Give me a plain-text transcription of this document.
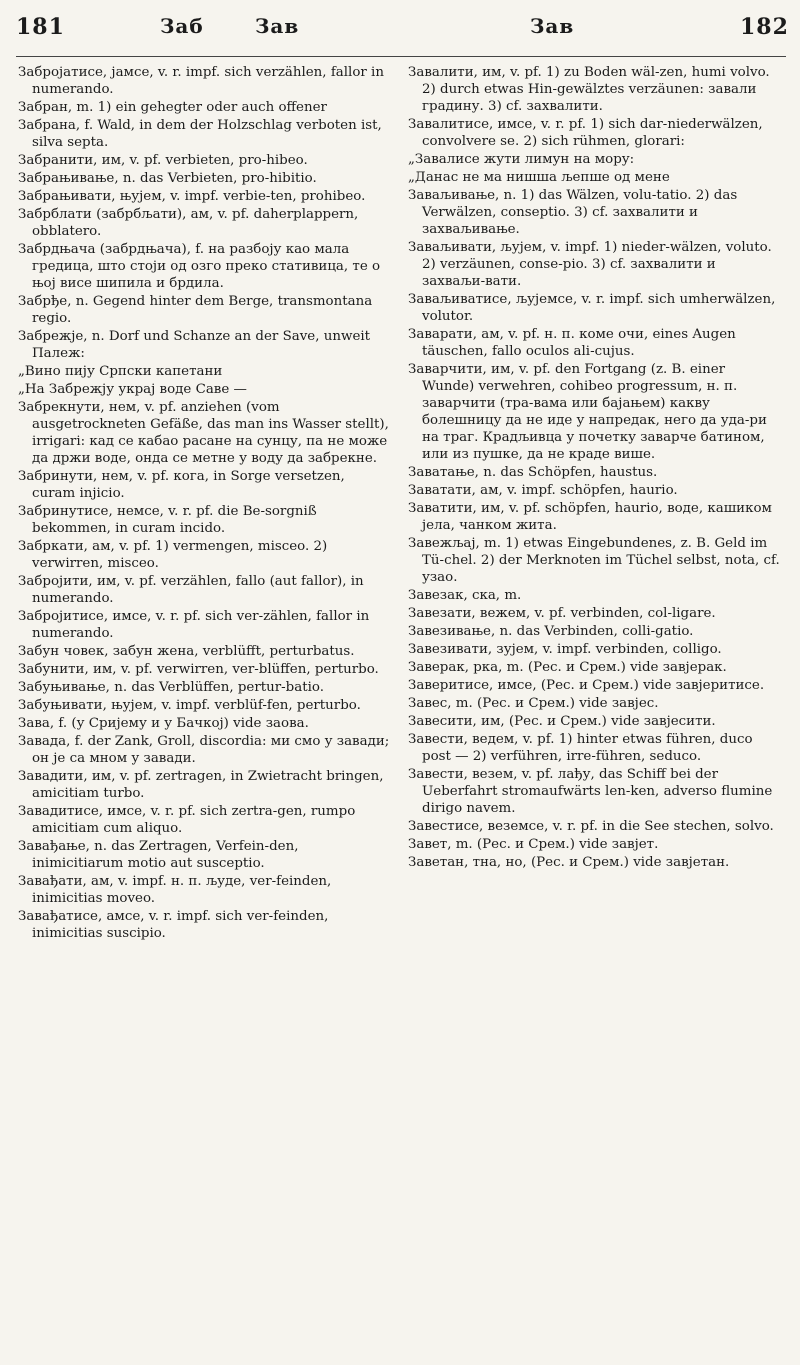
181	Заб	Зав	Зав	182

Забројатисе, јамсе, v. r. impf. sich verzählen, fallor in numerando.

Забран, m. 1) ein gehegter oder auch offener

Забрана, f. Wald, in dem der Holzschlag verboten ist, silva septa.

Забранити, им, v. pf. verbieten, pro-hibeo.

Забрањивање, n. das Verbieten, pro-hibitio.

Забрањивати, њујем, v. impf. verbie-ten, prohibeo.

Забрблати (забрбљати), ам, v. pf. daherplappern, obblatero.

Забрдњача (забрдњача), f. на разбоју као мала гредица, што стоји од озго преко стативица, те о њој висе шипила и брдила.

Забрђе, n. Gegend hinter dem Berge, transmontana regio.

Забрежје, n. Dorf und Schanze an der Save, unweit Палеж:

„Вино пију Српски капетани

„На Забрежју украј воде Саве —

Забрекнути, нем, v. pf. anziehen (vom ausgetrockneten Gefäße, das man ins Wasser stellt), irrigari: кад се кабао расане на сунцу, па не може да држи воде, онда се метне у воду да забрекне.

Забринути, нем, v. pf. кога, in Sorge versetzen, curam injicio.

Забринутисе, немсе, v. r. pf. die Be-sorgniß bekommen, in curam incido.

Забркати, ам, v. pf. 1) vermengen, misceo. 2) verwirren, misceo.

Забројити, им, v. pf. verzählen, fallo (aut fallor), in numerando.

Забројитисе, имсе, v. r. pf. sich ver-zählen, fallor in numerando.

Забун човек, забун жена, verblüfft, perturbatus.

Забунити, им, v. pf. verwirren, ver-blüffen, perturbo.

Забуњивање, n. das Verblüffen, pertur-batio.

Забуњивати, њујем, v. impf. verblüf-fen, perturbo.

Зава, f. (у Сријему и у Бачкој) vide заова.

Завада, f. der Zank, Groll, discordia: ми смо у завади; он је са мном у завади.

Завадити, им, v. pf. zertragen, in Zwietracht bringen, amicitiam turbo.

Завадитисе, имсе, v. r. pf. sich zertra-gen, rumpo amicitiam cum aliquo.

Завађање, n. das Zertragen, Verfein-den, inimicitiarum motio aut susceptio.

Завађати, ам, v. impf. н. п. људе, ver-feinden, inimicitias moveo.

Завађатисе, амсе, v. r. impf. sich ver-feinden, inimicitias suscipio.

Завалити, им, v. pf. 1) zu Boden wäl-zen, humi volvo. 2) durch etwas Hin-gewälztes verzäunen: завали градину. 3) cf. захвалити.

Завалитисе, имсе, v. r. pf. 1) sich dar-niederwälzen, convolvere se. 2) sich rühmen, glorari:

„Завалисе жути лимун на мору:

„Данас не ма нишша љепше од мене

Заваљивање, n. 1) das Wälzen, volu-tatio. 2) das Verwälzen, conseptio. 3) cf. захвалити и захваљивање.

Заваљивати, љујем, v. impf. 1) nieder-wälzen, voluto. 2) verzäunen, conse-pio. 3) cf. захвалити и захваљи-вати.

Заваљиватисе, љујемсе, v. r. impf. sich umherwälzen, volutor.

Заварати, ам, v. pf. н. п. коме очи, eines Augen täuschen, fallo oculos ali-cujus.

Заварчити, им, v. pf. den Fortgang (z. B. einer Wunde) verwehren, cohibeo progressum, н. п. заварчити (тра-вама или бајањем) какву болешницу да не иде у напредак, него да уда-ри на траг. Крадљивца у почетку заварче батином, или из пушке, да не краде више.

Заватање, n. das Schöpfen, haustus.

Заватати, ам, v. impf. schöpfen, haurio.

Заватити, им, v. pf. schöpfen, haurio, воде, кашиком јела, чанком жита.

Завежљај, m. 1) etwas Eingebundenes, z. B. Geld im Tü-chel. 2) der Merknoten im Tüchel selbst, nota, cf. узао.

Завезак, ска, m.

Завезати, вежем, v. pf. verbinden, col-ligare.

Завезивање, n. das Verbinden, colli-gatio.

Завезивати, зујем, v. impf. verbinden, colligo.

Заверак, рка, m. (Рес. и Срем.) vide завјерак.

Заверитисе, имсе, (Рес. и Срем.) vide завјеритисе.

Завес, m. (Рес. и Срем.) vide завјес.

Завесити, им, (Рес. и Срем.) vide завјесити.

Завести, ведем, v. pf. 1) hinter etwas führen, duco post — 2) verführen, irre-führen, seduco.

Завести, везем, v. pf. лађу, das Schiff bei der Ueberfahrt stromaufwärts len-ken, adverso flumine dirigo navem.

Завестисе, веземсе, v. r. pf. in die See stechen, solvo.

Завет, m. (Рес. и Срем.) vide завјет.

Заветан, тна, но, (Рес. и Срем.) vide завјетан.
